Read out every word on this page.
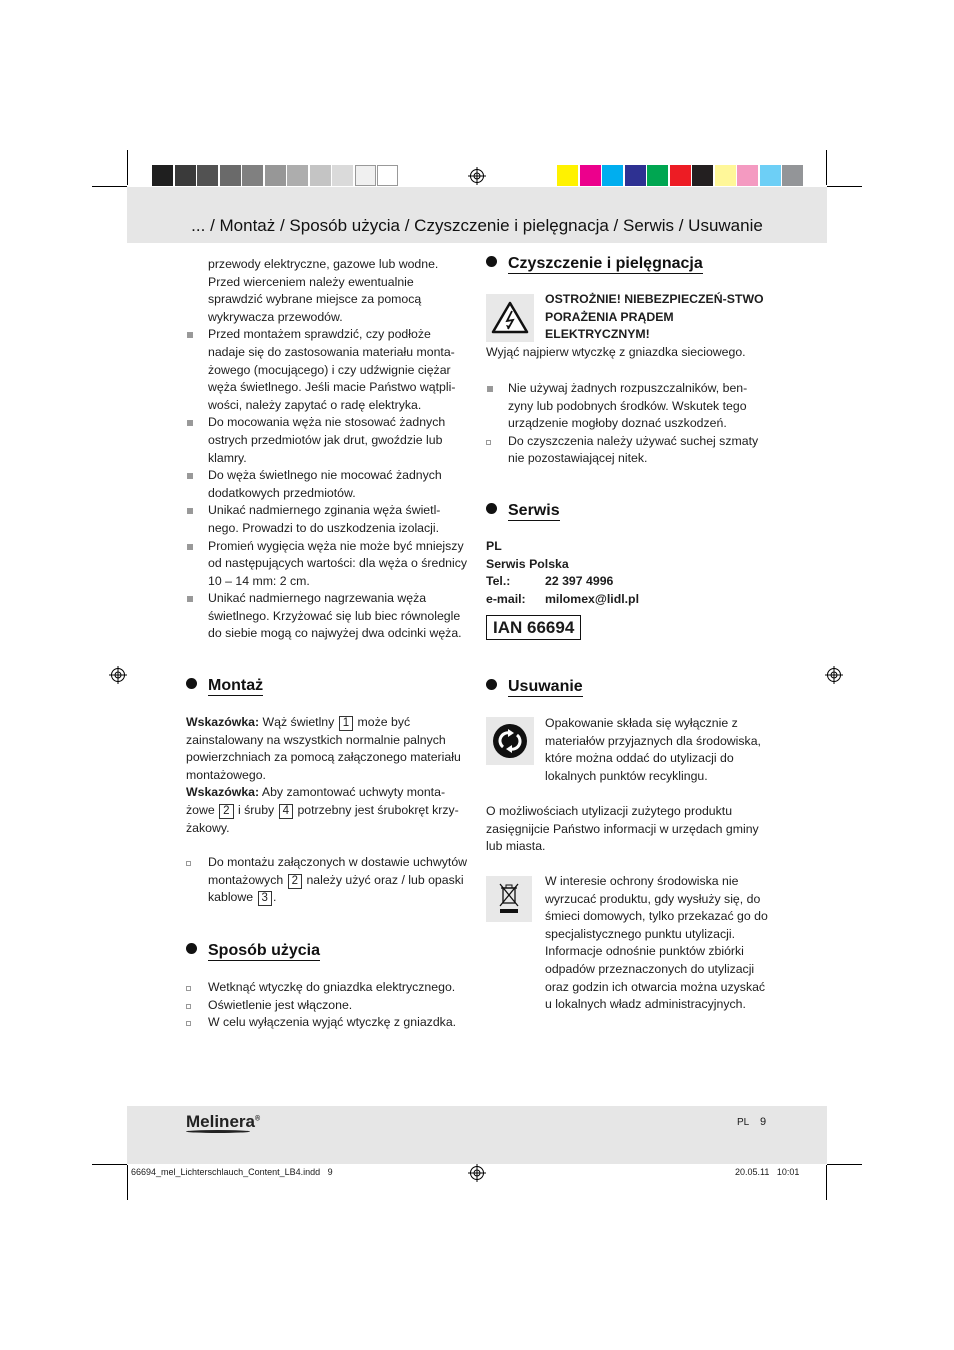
... / Montaż / Sposób użycia / Czyszczenie i pielęgnacja / Serwis / Usuwanie
przewody elektryczne, gazowe lub wodne. Przed wierceniem należy ewentualnie sprawdzić wybrane miejsce za pomocą wykrywacza przewodów.
Przed montażem sprawdzić, czy podłoże nadaje się do zastosowania materiału monta-żowego (mocującego) i czy udźwignie ciężar węża świetlnego. Jeśli macie Państwo wątpli-wości, należy zapytać o radę elektryka.
Do mocowania węża nie stosować żadnych ostrych przedmiotów jak drut, gwoździe lub klamry.
Do węża świetlnego nie mocować żadnych dodatkowych przedmiotów.
Unikać nadmiernego zginania węża świetl-nego. Prowadzi to do uszkodzenia izolacji.
Promień wygięcia węża nie może być mniejszy od następujących wartości: dla węża o średnicy 10 – 14 mm: 2 cm.
Unikać nadmiernego nagrzewania węża świetlnego. Krzyżować się lub biec równolegle do siebie mogą co najwyżej dwa odcinki węża.
Montaż
Wskazówka: Wąż świetlny 1 może być zainstalowany na wszystkich normalnie palnych powierzchniach za pomocą załączonego materiału montażowego.
Wskazówka: Aby zamontować uchwyty monta-żowe 2 i śruby 4 potrzebny jest śrubokręt krzy-żakowy.
Do montażu załączonych w dostawie uchwytów montażowych 2 należy użyć oraz / lub opaski kablowe 3 .
Sposób użycia
Wetknąć wtyczkę do gniazdka elektrycznego.
Oświetlenie jest włączone.
W celu wyłączenia wyjąć wtyczkę z gniazdka.
Czyszczenie i pielęgnacja
OSTROŻNIE! NIEBEZPIECZEŃ-STWO PORAŻENIA PRĄDEM ELEKTRYCZNYM!
Wyjąć najpierw wtyczkę z gniazdka sieciowego.
Nie używaj żadnych rozpuszczalników, ben-zyny lub podobnych środków. Wskutek tego urządzenie mogłoby doznać uszkodzeń.
Do czyszczenia należy używać suchej szmaty nie pozostawiającej nitek.
Serwis
PL
Serwis Polska
Tel.:	22 397 4996
e-mail: milomex@lidl.pl
IAN 66694
Usuwanie
Opakowanie składa się wyłącznie z materiałów przyjaznych dla środowiska, które można oddać do utylizacji do lokalnych punktów recyklingu.
O możliwościach utylizacji zużytego produktu zasięgnijcie Państwo informacji w urzędach gminy lub miasta.
W interesie ochrony środowiska nie wyrzucać produktu, gdy wysłuży się, do śmieci domowych, tylko przekazać go do specjalistycznego punktu utylizacji. Informacje odnośnie punktów zbiórki odpadów przeznaczonych do utylizacji oraz godzin ich otwarcia można uzyskać u lokalnych władz administracyjnych.
Melinera®	PL 9
66694_mel_Lichterschlauch_Content_LB4.indd   9	20.05.11   10:01
